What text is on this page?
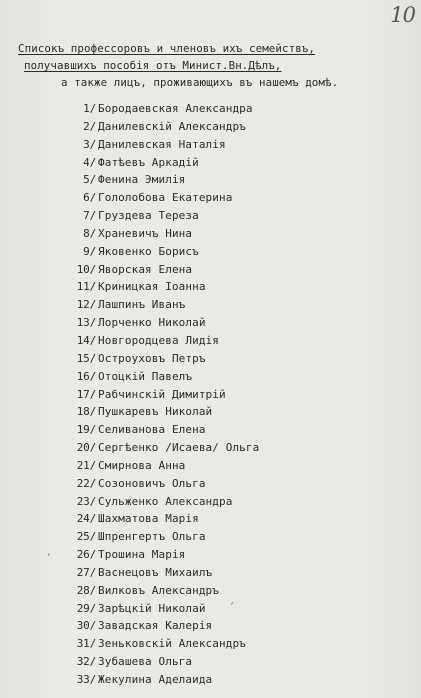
10
Списокъ профессоровъ и членовъ ихъ семействъ,
получавшихъ пособія отъ Минист.Вн.Дѣлъ,
а также лицъ, проживающихъ въ нашемъ домѣ.
1/ Бородаевская Александра
2/ Данилевскій Александръ
3/ Данилевская Наталія
4/ Фатѣевъ Аркадій
5/ Фенина Эмилія
6/ Гололобова Екатерина
7/ Груздева Тереза
8/ Храневичъ Нина
9/ Яковенко Борисъ
10/ Яворская Елена
11/ Криницкая Іоанна
12/ Лашпинъ Иванъ
13/ Лорченко Николай
14/ Новгородцева Лидія
15/ Остроуховъ Петръ
16/ Отоцкій Павелъ
17/ Рабчинскій Димитрій
18/ Пушкаревъ Николай
19/ Селиванова Елена
20/ Сергѣенко /Исаева/ Ольга
21/ Смирнова Анна
22/ Созоновичъ Ольга
23/ Сульженко Александра
24/ Шахматова Марія
25/ Шпренгертъ Ольга
26/ Трошина Марія
27/ Васнецовъ Михаилъ
28/ Вилковъ Александръ
29/ Зарѣцкій Николай
30/ Завадская Калерія
31/ Зеньковскій Александръ
32/ Зубашева Ольга
33/ Жекулина Аделаида
·
’
